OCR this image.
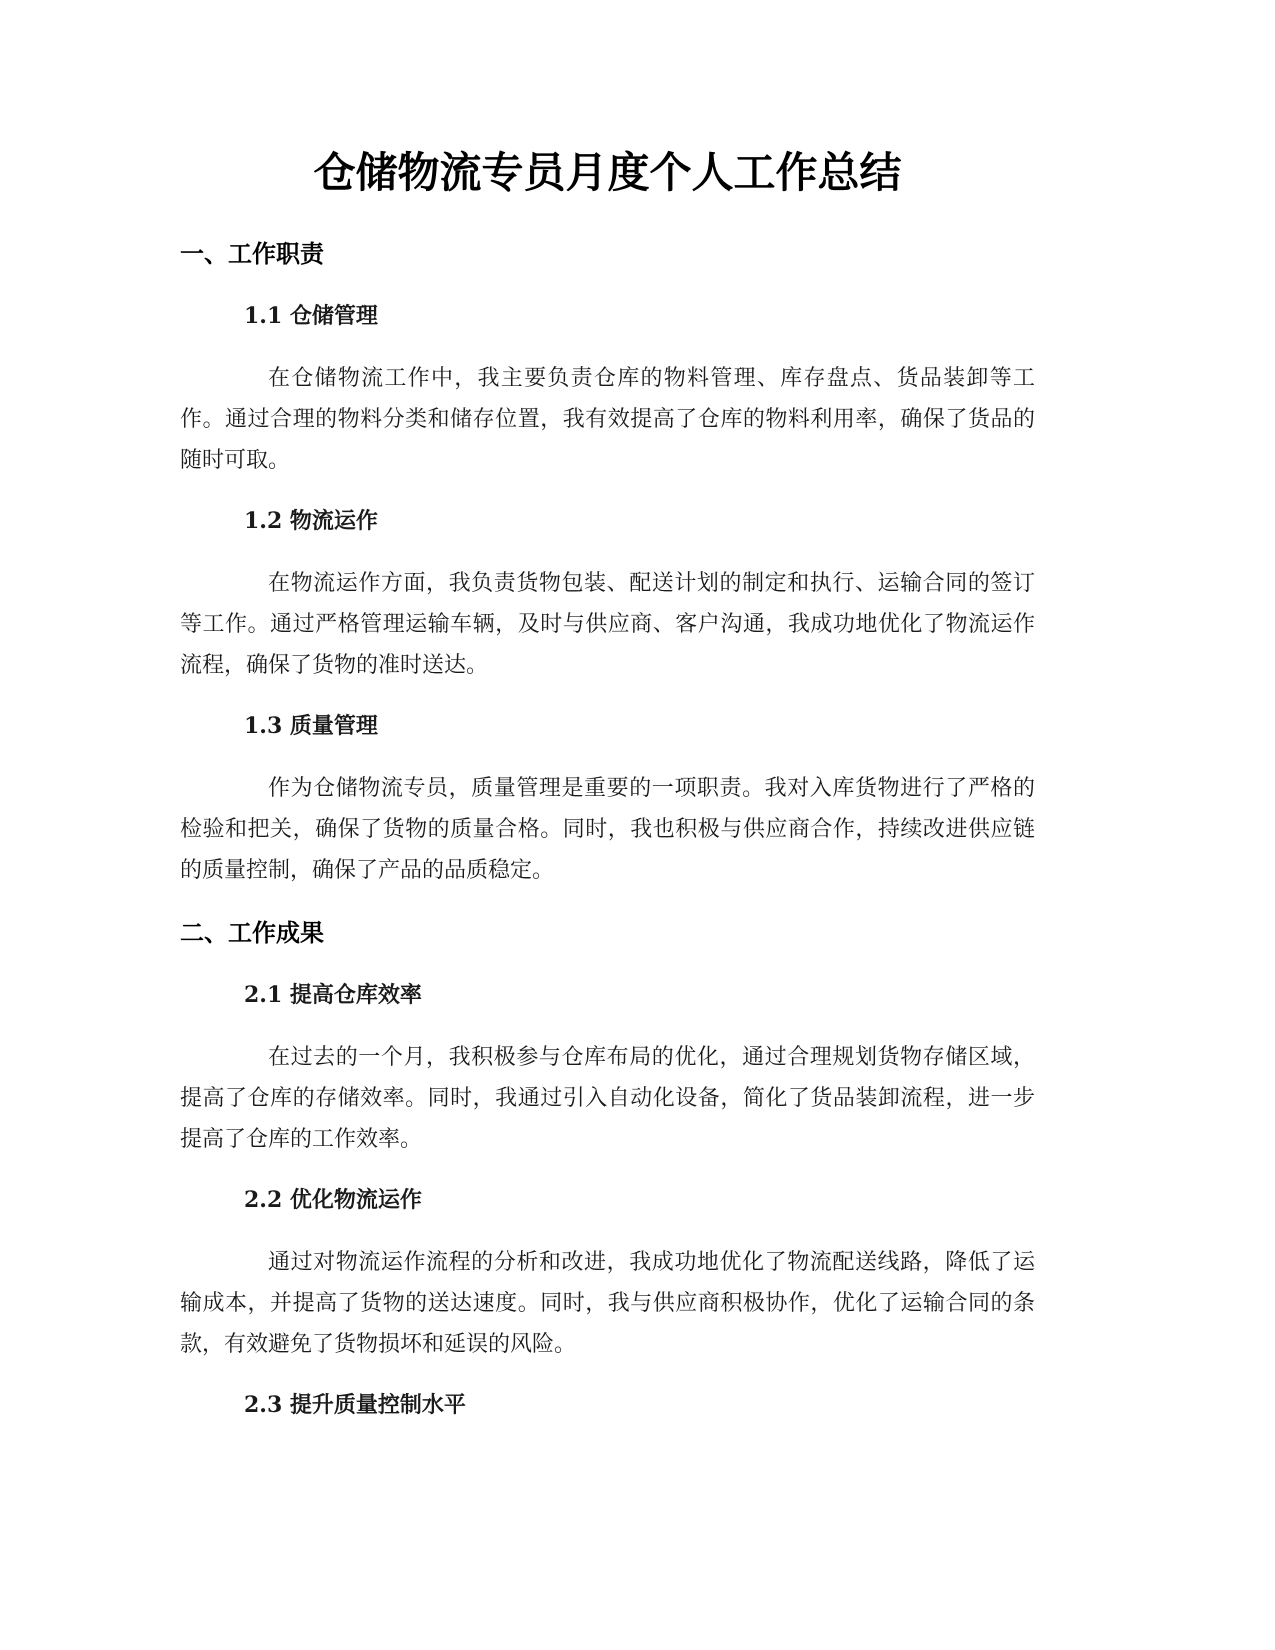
仓储物流专员月度个人工作总结
一、工作职责
1.1 仓储管理

在仓储物流工作中，我主要负责仓库的物料管理、库存盘点、货品装卸等工作。通过合理的物料分类和储存位置，我有效提高了仓库的物料利用率，确保了货品的随时可取。

1.2 物流运作

在物流运作方面，我负责货物包装、配送计划的制定和执行、运输合同的签订等工作。通过严格管理运输车辆，及时与供应商、客户沟通，我成功地优化了物流运作流程，确保了货物的准时送达。

1.3 质量管理

作为仓储物流专员，质量管理是重要的一项职责。我对入库货物进行了严格的检验和把关，确保了货物的质量合格。同时，我也积极与供应商合作，持续改进供应链的质量控制，确保了产品的品质稳定。

二、工作成果
2.1 提高仓库效率

在过去的一个月，我积极参与仓库布局的优化，通过合理规划货物存储区域，提高了仓库的存储效率。同时，我通过引入自动化设备，简化了货品装卸流程，进一步提高了仓库的工作效率。

2.2 优化物流运作

通过对物流运作流程的分析和改进，我成功地优化了物流配送线路，降低了运输成本，并提高了货物的送达速度。同时，我与供应商积极协作，优化了运输合同的条款，有效避免了货物损坏和延误的风险。

2.3 提升质量控制水平
